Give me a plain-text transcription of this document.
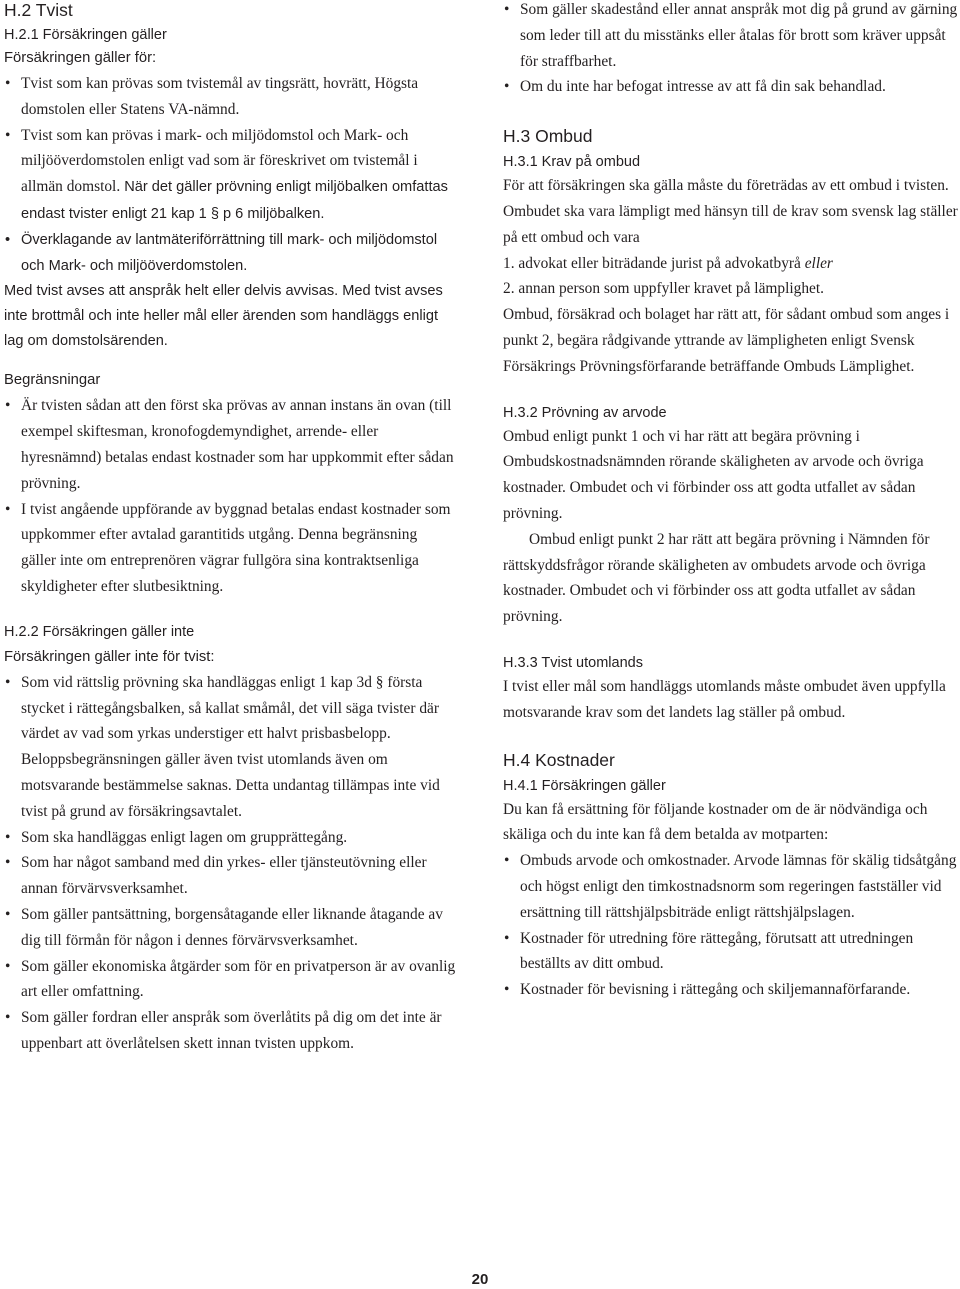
H.2 Tvist
H.2.1 Försäkringen gäller

Försäkringen gäller för:

• Tvist som kan prövas som tvistemål av tingsrätt, hovrätt, Högsta domstolen eller Statens VA-nämnd.
• Tvist som kan prövas i mark- och miljödomstol och Mark- och miljööverdomstolen enligt vad som är föreskrivet om tvistemål i allmän domstol. När det gäller prövning enligt miljöbalken omfattas endast tvister enligt 21 kap 1 § p 6 miljöbalken.
• Överklagande av lantmäteriförrättning till mark- och miljödomstol och Mark- och miljööverdomstolen.

Med tvist avses att anspråk helt eller delvis avvisas. Med tvist avses inte brottmål och inte heller mål eller ärenden som handläggs enligt lag om domstolsärenden.

Begränsningar

• Är tvisten sådan att den först ska prövas av annan instans än ovan (till exempel skiftesman, kronofogdemyndighet, arrende- eller hyresnämnd) betalas endast kostnader som har uppkommit efter sådan prövning.
• I tvist angående uppförande av byggnad betalas endast kostnader som uppkommer efter avtalad garantitids utgång. Denna begränsning gäller inte om entreprenören vägrar fullgöra sina kontraktsenliga skyldigheter efter slutbesiktning.
H.2.2 Försäkringen gäller inte

Försäkringen gäller inte för tvist:

• Som vid rättslig prövning ska handläggas enligt 1 kap 3d § första stycket i rättegångsbalken, så kallat småmål, det vill säga tvister där värdet av vad som yrkas understiger ett halvt prisbasbelopp. Beloppsbegränsningen gäller även tvist utomlands även om motsvarande bestämmelse saknas. Detta undantag tillämpas inte vid tvist på grund av försäkringsavtalet.
• Som ska handläggas enligt lagen om grupprättegång.
• Som har något samband med din yrkes- eller tjänsteutövning eller annan förvärvsverksamhet.
• Som gäller pantsättning, borgensåtagande eller liknande åtagande av dig till förmån för någon i dennes förvärvsverksamhet.
• Som gäller ekonomiska åtgärder som för en privatperson är av ovanlig art eller omfattning.
• Som gäller fordran eller anspråk som överlåtits på dig om det inte är uppenbart att överlåtelsen skett innan tvisten uppkom.
• Som gäller skadestånd eller annat anspråk mot dig på grund av gärning som leder till att du misstänks eller åtalas för brott som kräver uppsåt för straffbarhet.
• Om du inte har befogat intresse av att få din sak behandlad.
H.3 Ombud
H.3.1 Krav på ombud

För att försäkringen ska gälla måste du företrädas av ett ombud i tvisten.

Ombudet ska vara lämpligt med hänsyn till de krav som svensk lag ställer på ett ombud och vara

1. advokat eller biträdande jurist på advokatbyrå eller

2. annan person som uppfyller kravet på lämplighet.

Ombud, försäkrad och bolaget har rätt att, för sådant ombud som anges i punkt 2, begära rådgivande yttrande av lämpligheten enligt Svensk Försäkrings Prövningsförfarande beträffande Ombuds Lämplighet.

H.3.2 Prövning av arvode

Ombud enligt punkt 1 och vi har rätt att begära prövning i Ombudskostnadsnämnden rörande skäligheten av arvode och övriga kostnader. Ombudet och vi förbinder oss att godta utfallet av sådan prövning.

Ombud enligt punkt 2 har rätt att begära prövning i Nämnden för rättskyddsfrågor rörande skäligheten av ombudets arvode och övriga kostnader. Ombudet och vi förbinder oss att godta utfallet av sådan prövning.

H.3.3 Tvist utomlands

I tvist eller mål som handläggs utomlands måste ombudet även uppfylla motsvarande krav som det landets lag ställer på ombud.

H.4 Kostnader
H.4.1 Försäkringen gäller

Du kan få ersättning för följande kostnader om de är nödvändiga och skäliga och du inte kan få dem betalda av motparten:

• Ombuds arvode och omkostnader. Arvode lämnas för skälig tidsåtgång och högst enligt den timkostnadsnorm som regeringen fastställer vid ersättning till rättshjälpsbiträde enligt rättshjälpslagen.
• Kostnader för utredning före rättegång, förutsatt att utredningen beställts av ditt ombud.
• Kostnader för bevisning i rättegång och skiljemannaförfarande.
20
